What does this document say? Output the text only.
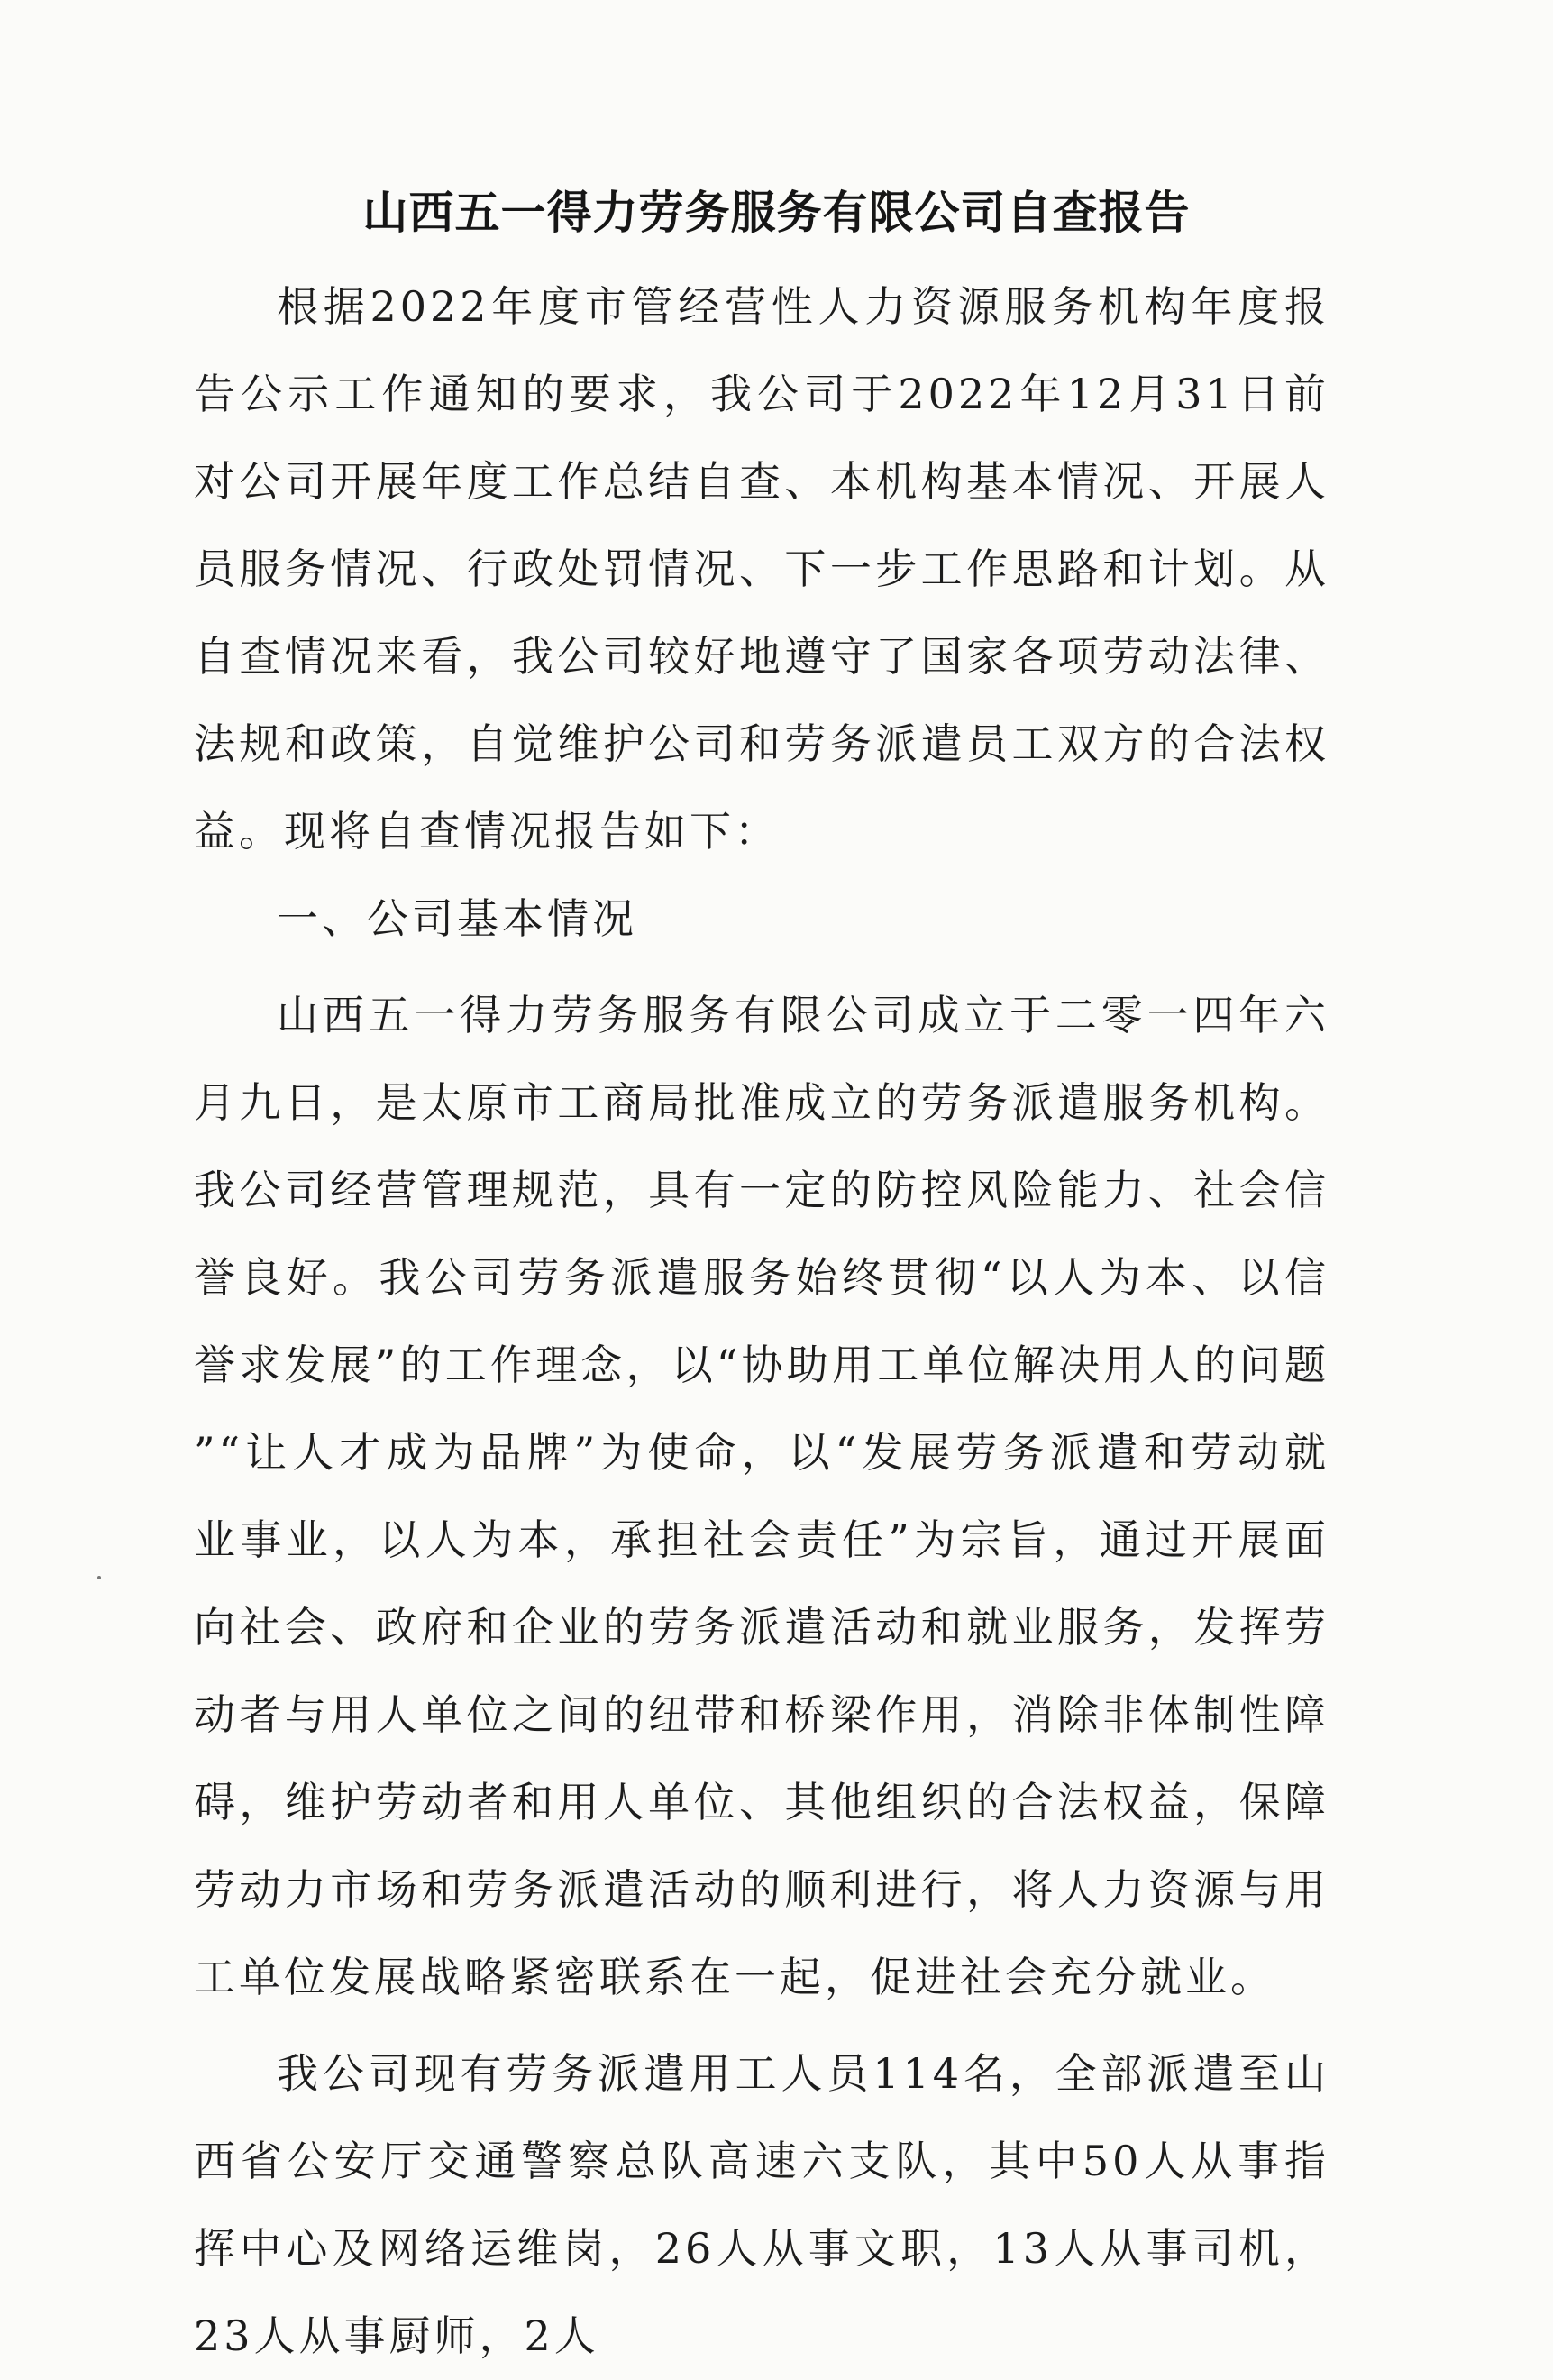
山西五一得力劳务服务有限公司自查报告

根据2022年度市管经营性人力资源服务机构年度报告公示工作通知的要求，我公司于2022年12月31日前对公司开展年度工作总结自查、本机构基本情况、开展人员服务情况、行政处罚情况、下一步工作思路和计划。从自查情况来看，我公司较好地遵守了国家各项劳动法律、法规和政策，自觉维护公司和劳务派遣员工双方的合法权益。现将自查情况报告如下：

一、公司基本情况

山西五一得力劳务服务有限公司成立于二零一四年六月九日，是太原市工商局批准成立的劳务派遣服务机构。我公司经营管理规范，具有一定的防控风险能力、社会信誉良好。我公司劳务派遣服务始终贯彻“以人为本、以信誉求发展”的工作理念，以“协助用工单位解决用人的问题”“让人才成为品牌”为使命，以“发展劳务派遣和劳动就业事业，以人为本，承担社会责任”为宗旨，通过开展面向社会、政府和企业的劳务派遣活动和就业服务，发挥劳动者与用人单位之间的纽带和桥梁作用，消除非体制性障碍，维护劳动者和用人单位、其他组织的合法权益，保障劳动力市场和劳务派遣活动的顺利进行，将人力资源与用工单位发展战略紧密联系在一起，促进社会充分就业。

我公司现有劳务派遣用工人员114名，全部派遣至山西省公安厅交通警察总队高速六支队，其中50人从事指挥中心及网络运维岗，26人从事文职，13人从事司机，23人从事厨师，2人
